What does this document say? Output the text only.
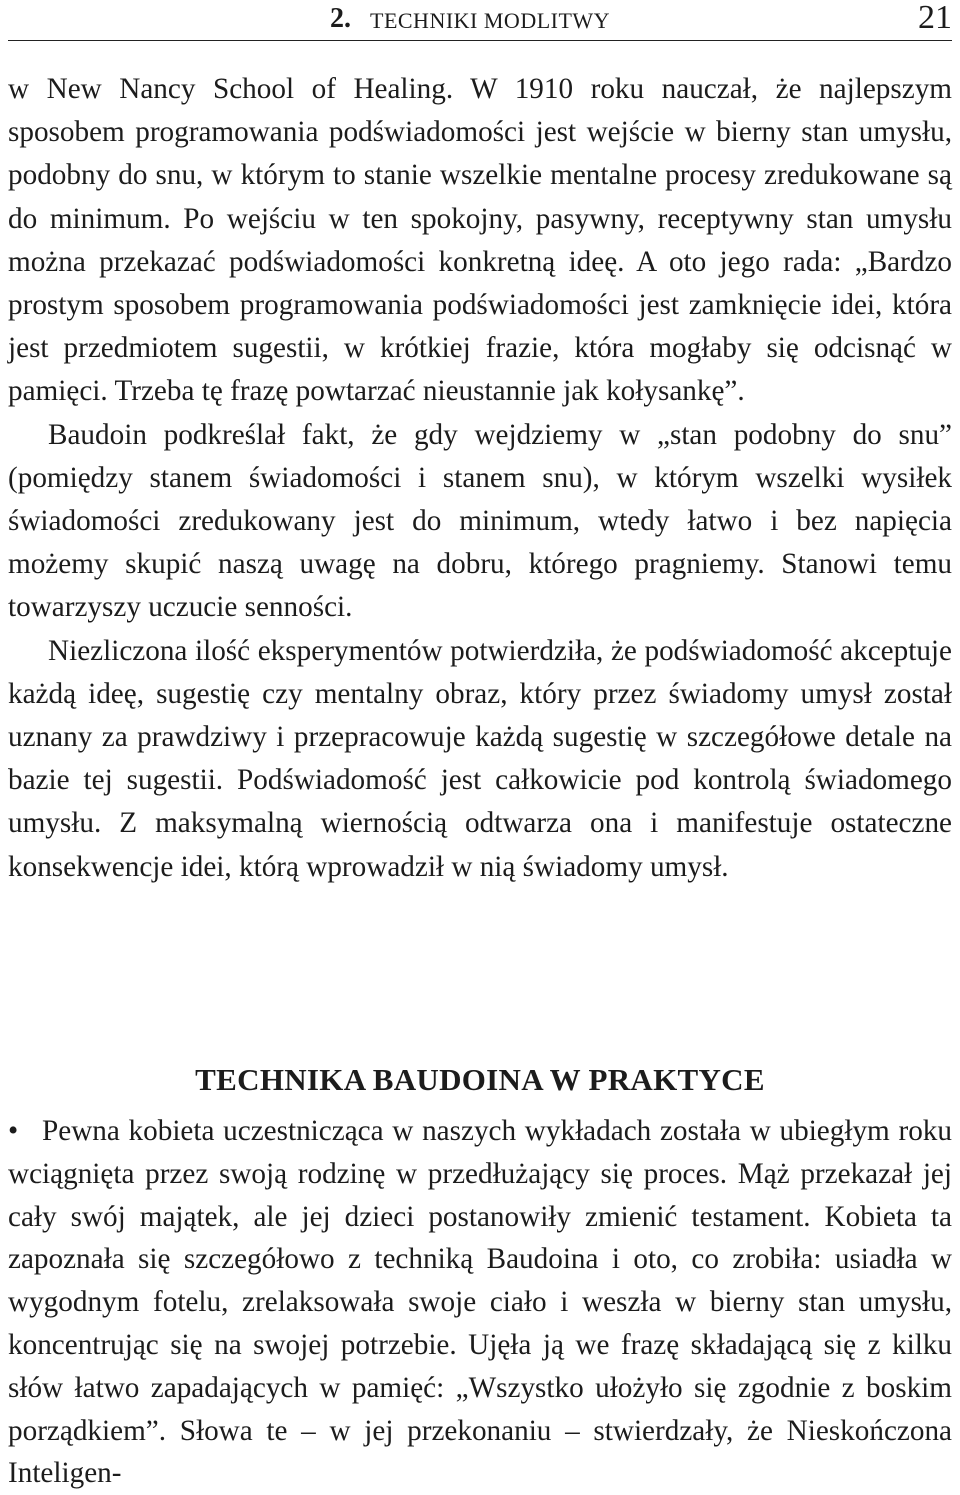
2. TECHNIKI MODLITWY	21

w New Nancy School of Healing. W 1910 roku nauczał, że najlepszym sposobem programowania podświadomości jest wejście w bierny stan umysłu, podobny do snu, w którym to stanie wszelkie mentalne procesy zredukowane są do minimum. Po wejściu w ten spokojny, pasywny, receptywny stan umysłu można przekazać podświadomości konkretną ideę. A oto jego rada: „Bardzo prostym sposobem programowania podświadomości jest zamknięcie idei, która jest przedmiotem sugestii, w krótkiej frazie, która mogłaby się odcisnąć w pamięci. Trzeba tę frazę powtarzać nieustannie jak kołysankę”.

Baudoin podkreślał fakt, że gdy wejdziemy w „stan podobny do snu” (pomiędzy stanem świadomości i stanem snu), w którym wszelki wysiłek świadomości zredukowany jest do minimum, wtedy łatwo i bez napięcia możemy skupić naszą uwagę na dobru, którego pragniemy. Stanowi temu towarzyszy uczucie senności.

Niezliczona ilość eksperymentów potwierdziła, że podświadomość akceptuje każdą ideę, sugestię czy mentalny obraz, który przez świadomy umysł został uznany za prawdziwy i przepracowuje każdą sugestię w szczegółowe detale na bazie tej sugestii. Podświadomość jest całkowicie pod kontrolą świadomego umysłu. Z maksymalną wiernością odtwarza ona i manifestuje ostateczne konsekwencje idei, którą wprowadził w nią świadomy umysł.

TECHNIKA BAUDOINA W PRAKTYCE
• Pewna kobieta uczestnicząca w naszych wykładach została w ubiegłym roku wciągnięta przez swoją rodzinę w przedłużający się proces. Mąż przekazał jej cały swój majątek, ale jej dzieci postanowiły zmienić testament. Kobieta ta zapoznała się szczegółowo z techniką Baudoina i oto, co zrobiła: usiadła w wygodnym fotelu, zrelaksowała swoje ciało i weszła w bierny stan umysłu, koncentrując się na swojej potrzebie. Ujęła ją we frazę składającą się z kilku słów łatwo zapadających w pamięć: „Wszystko ułożyło się zgodnie z boskim porządkiem”. Słowa te – w jej przekonaniu – stwierdzały, że Nieskończona Inteligen-
